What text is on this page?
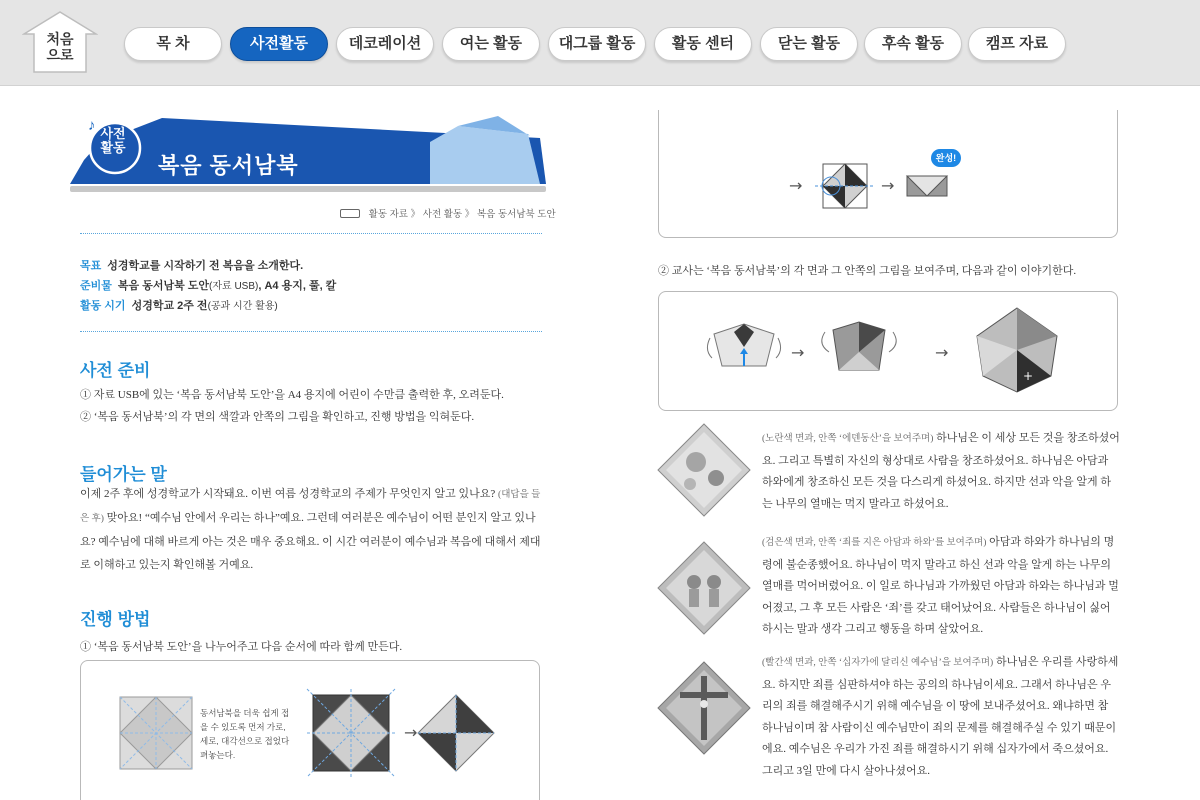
처음
으로
목 차	사전활동	데코레이션	여는 활동	대그룹 활동	활동 센터	닫는 활동	후속 활동	캠프 자료
♪ 사전
활동
복음 동서남북
활동 자료 》 사전 활동 》 복음 동서남북 도안
목표 성경학교를 시작하기 전 복음을 소개한다.
준비물 복음 동서남북 도안(자료 USB), A4 용지, 풀, 칼
활동 시기 성경학교 2주 전(공과 시간 활용)
사전 준비
① 자료 USB에 있는 ‘복음 동서남북 도안’을 A4 용지에 어린이 수만큼 출력한 후, 오려둔다.
② ‘복음 동서남북’의 각 면의 색깔과 안쪽의 그림을 확인하고, 진행 방법을 익혀둔다.
들어가는 말
이제 2주 후에 성경학교가 시작돼요. 이번 여름 성경학교의 주제가 무엇인지 알고 있나요? (대답을 들은 후) 맞아요! “예수님 안에서 우리는 하나”예요. 그런데 여러분은 예수님이 어떤 분인지 알고 있나요? 예수님에 대해 바르게 아는 것은 매우 중요해요. 이 시간 여러분이 예수님과 복음에 대해서 제대로 이해하고 있는지 확인해볼 거예요.
진행 방법
① ‘복음 동서남북 도안’을 나누어주고 다음 순서에 따라 함께 만든다.
→
동서남북을 더욱 쉽게 접을 수 있도록 먼저 가로, 세로, 대각선으로 접었다 펴놓는다.
→	→
완성!
② 교사는 ‘복음 동서남북’의 각 면과 그 안쪽의 그림을 보여주며, 다음과 같이 이야기한다.
→	→
+
(노란색 면과, 안쪽 ‘에덴동산’을 보여주며) 하나님은 이 세상 모든 것을 창조하셨어요. 그리고 특별히 자신의 형상대로 사람을 창조하셨어요. 하나님은 아담과 하와에게 창조하신 모든 것을 다스리게 하셨어요. 하지만 선과 악을 알게 하는 나무의 열매는 먹지 말라고 하셨어요.
(검은색 면과, 안쪽 ‘죄를 지은 아담과 하와’를 보여주며) 아담과 하와가 하나님의 명령에 불순종했어요. 하나님이 먹지 말라고 하신 선과 악을 알게 하는 나무의 열매를 먹어버렸어요. 이 일로 하나님과 가까웠던 아담과 하와는 하나님과 멀어졌고, 그 후 모든 사람은 ‘죄’를 갖고 태어났어요. 사람들은 하나님이 싫어하시는 말과 생각 그리고 행동을 하며 살았어요.
(빨간색 면과, 안쪽 ‘십자가에 달리신 예수님’을 보여주며) 하나님은 우리를 사랑하세요. 하지만 죄를 심판하셔야 하는 공의의 하나님이세요. 그래서 하나님은 우리의 죄를 해결해주시기 위해 예수님을 이 땅에 보내주셨어요. 왜냐하면 참 하나님이며 참 사람이신 예수님만이 죄의 문제를 해결해주실 수 있기 때문이에요. 예수님은 우리가 가진 죄를 해결하시기 위해 십자가에서 죽으셨어요. 그리고 3일 만에 다시 살아나셨어요.
